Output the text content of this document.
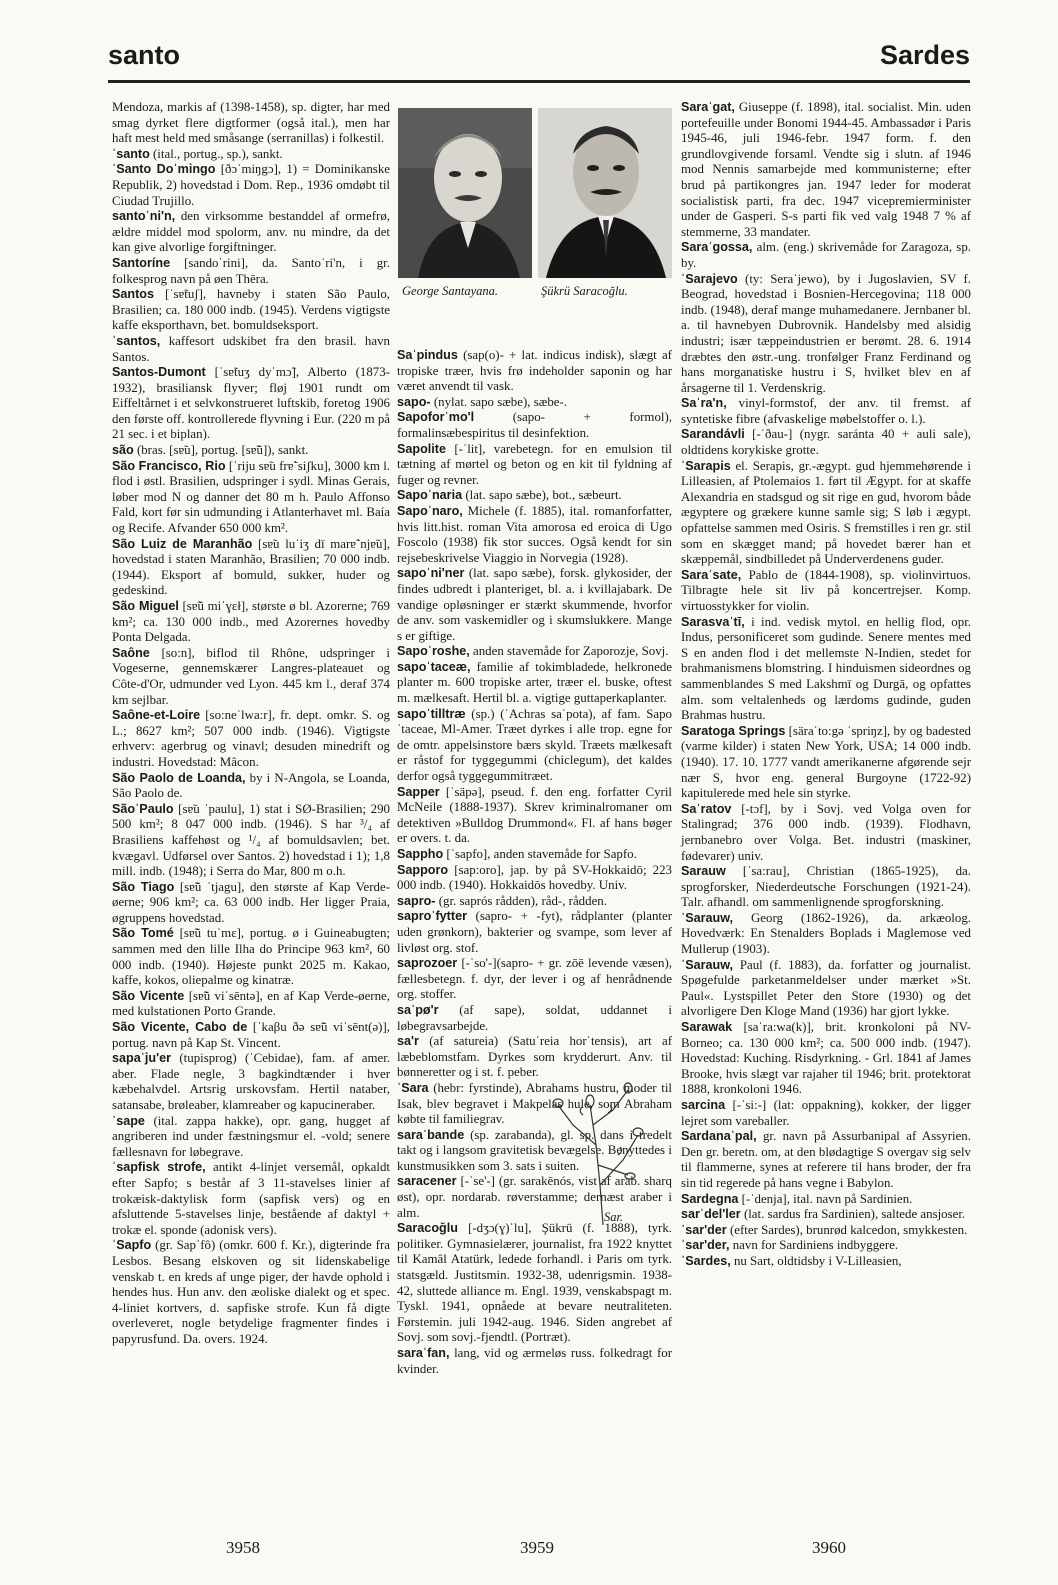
santo	Sardes
George Santayana.	Şükrü Saracoğlu.

Mendoza, markis af (1398-1458), sp. digter, har med smag dyrket flere digtformer (også ital.), men har haft mest held med småsange (serranillas) i folkestil.

ˈsanto (ital., portug., sp.), sankt.

ˈSanto Doˈmingo [ðɔˈmiŋgɔ], 1) = Dominikanske Republik, 2) hovedstad i Dom. Rep., 1936 omdøbt til Ciudad Trujillo.

santoˈni'n, den virksomme bestanddel af ormefrø, ældre middel mod spolorm, anv. nu mindre, da det kan give alvorlige forgiftninger.

Santoríne [sandoˈrini], da. Santoˈri'n, i gr. folkesprog navn på øen Thēra.

Santos [ˈsɐ̃tuʃ], havneby i staten São Paulo, Brasilien; ca. 180 000 indb. (1945). Verdens vigtigste kaffe eksporthavn, bet. bomuldseksport.

ˈsantos, kaffesort udskibet fra den brasil. havn Santos.

Santos-Dumont [ˈsɐ̃tuʒ dyˈmɔ̃], Alberto (1873-1932), brasiliansk flyver; fløj 1901 rundt om Eiffeltårnet i et selvkonstrueret luftskib, foretog 1906 den første off. kontrollerede flyvning i Eur. (220 m på 21 sec. i et biplan).

são (bras. [sɐ̃u], portug. [sɐ̃ũ]), sankt.

São Francisco, Rio [ˈriju sɐ̃u frɐ̃ˈsiʃku], 3000 km l. flod i østl. Brasilien, udspringer i sydl. Minas Gerais, løber mod N og danner det 80 m h. Paulo Affonso Fald, kort før sin udmunding i Atlanterhavet ml. Baía og Recife. Afvander 650 000 km².

São Luiz de Maranhão [sɐ̃u luˈiʒ dī marɐ̃ˈnjɐ̃u], hovedstad i staten Maranhão, Brasilien; 70 000 indb. (1944). Eksport af bomuld, sukker, huder og gedeskind.

São Miguel [sɐ̃ũ miˈɣɛł], største ø bl. Azorerne; 769 km²; ca. 130 000 indb., med Azorernes hovedby Ponta Delgada.

Saône [so:n], biflod til Rhône, udspringer i Vogeserne, gennemskærer Langres-plateauet og Côte-d'Or, udmunder ved Lyon. 445 km l., deraf 374 km sejlbar.

Saône-et-Loire [so:neˈlwa:r], fr. dept. omkr. S. og L.; 8627 km²; 507 000 indb. (1946). Vigtigste erhverv: agerbrug og vinavl; desuden minedrift og industri. Hovedstad: Mâcon.

São Paolo de Loanda, by i N-Angola, se Loanda, São Paolo de.

SãoˈPaulo [sɐ̃u ˈpaulu], 1) stat i SØ-Brasilien; 290 500 km²; 8 047 000 indb. (1946). S har ³/₄ af Brasiliens kaffehøst og ¹/₄ af bomuldsavlen; bet. kvægavl. Udførsel over Santos. 2) hovedstad i 1); 1,8 mill. indb. (1948); i Serra do Mar, 800 m o.h.

São Tiago [sɐ̃ũ ˈtjagu], den største af Kap Verde-øerne; 906 km²; ca. 63 000 indb. Her ligger Praia, øgruppens hovedstad.

São Tomé [sɐ̃ũ tuˈmɛ], portug. ø i Guineabugten; sammen med den lille Ilha do Principe 963 km², 60 000 indb. (1940). Højeste punkt 2025 m. Kakao, kaffe, kokos, oliepalme og kinatræ.

São Vicente [sɐ̃ũ viˈsēntə], en af Kap Verde-øerne, med kulstationen Porto Grande.

São Vicente, Cabo de [ˈkaβu ðə sɐ̃ũ viˈsēnt(ə)], portug. navn på Kap St. Vincent.

sapaˈju'er (tupisprog) (ˈCebidae), fam. af amer. aber. Flade negle, 3 bagkindtænder i hver kæbehalvdel. Artsrig urskovsfam. Hertil nataber, satansabe, brøleaber, klamreaber og kapucineraber.

ˈsape (ital. zappa hakke), opr. gang, hugget af angriberen ind under fæstningsmur el. -vold; senere fællesnavn for løbegrave.

ˈsapfisk strofe, antikt 4-linjet versemål, opkaldt efter Sapfo; s består af 3 11-stavelses linier af trokæisk-daktylisk form (sapfisk vers) og en afsluttende 5-stavelses linje, bestående af daktyl + trokæ el. sponde (adonisk vers).

ˈSapfo (gr. Sapˈfô) (omkr. 600 f. Kr.), digterinde fra Lesbos. Besang elskoven og sit lidenskabelige venskab t. en kreds af unge piger, der havde ophold i hendes hus. Hun anv. den æoliske dialekt og et spec. 4-liniet kortvers, d. sapfiske strofe. Kun få digte overleveret, nogle betydelige fragmenter findes i papyrusfund. Da. overs. 1924.

Saˈpindus (sap(o)- + lat. indicus indisk), slægt af tropiske træer, hvis frø indeholder saponin og har været anvendt til vask.

sapo- (nylat. sapo sæbe), sæbe-.

Sapoforˈmo'l	(sapo- + formol), formalinsæbespiritus til desinfektion.

Sapolite [-ˈlit], varebetegn. for en emulsion til tætning af mørtel og beton og en kit til fyldning af fuger og revner.

Sapoˈnaria (lat. sapo sæbe), bot., sæbeurt.

Sapoˈnaro, Michele (f. 1885), ital. romanforfatter, hvis litt.hist. roman Vita amorosa ed eroica di Ugo Foscolo (1938) fik stor succes. Også kendt for sin rejsebeskrivelse Viaggio in Norvegia (1928).

sapoˈni'ner (lat. sapo sæbe), forsk. glykosider, der findes udbredt i planteriget, bl. a. i kvillajabark. De vandige opløsninger er stærkt skummende, hvorfor de anv. som vaskemidler og i skumslukkere. Mange s er giftige.

Sapoˈroshe, anden stavemåde for Zaporozje, Sovj.

sapoˈtaceæ, familie af tokimbladede, helkronede planter m. 600 tropiske arter, træer el. buske, oftest m. mælkesaft. Hertil bl. a. vigtige guttaperkaplanter.

sapoˈtilltræ (sp.) (ˈAchras saˈpota), af fam. Sapoˈtaceae, Ml-Amer. Træet dyrkes i alle trop. egne for de omtr. appelsinstore bærs skyld. Træets mælkesaft er råstof for tyggegummi (chiclegum), det kaldes derfor også tyggegummitræet.

Sapper [ˈsäpə], pseud. f. den eng. forfatter Cyril McNeile (1888-1937). Skrev kriminalromaner om detektiven »Bulldog Drummond«. Fl. af hans bøger er overs. t. da.

Sappho [ˈsapfo], anden stavemåde for Sapfo.

Sapporo [sap:oro], jap. by på SV-Hokkaidō; 223 000 indb. (1940). Hokkaidōs hovedby. Univ.

sapro- (gr. saprós rådden), råd-, rådden.

saproˈfytter (sapro- + -fyt), rådplanter (planter uden grønkorn), bakterier og svampe, som lever af livløst org. stof.

saprozoer [-ˈso'-](sapro- + gr. zōē levende væsen), fællesbetegn. f. dyr, der lever i og af henrådnende org. stoffer.

saˈpø'r (af sape), soldat, uddannet i løbegravsarbejde.

sa'r (af satureia) (Satuˈreia horˈtensis), art af læbeblomstfam. Dyrkes som krydderurt. Anv. til bønneretter og i st. f. peber.

ˈSara (hebr: fyrstinde), Abrahams hustru, moder til Isak, blev begravet i Makpelas hule, som Abraham købte til familiegrav.

saraˈbande (sp. zarabanda), gl. sp. dans i tredelt takt og i langsom gravitetisk bevægelse. Benyttedes i kunstmusikken som 3. sats i suiten.

saracener [-ˈse'-] (gr. sarakēnós, vist af arab. sharq øst), opr. nordarab. røverstamme; dernæst araber i alm.

Saracoğlu [-dʒɔ(ɣ)ˈlu], Şükrü (f. 1888), tyrk. politiker. Gymnasielærer, journalist, fra 1922 knyttet til Kamâl Atatürk, ledede forhandl. i Paris om tyrk. statsgæld. Justitsmin. 1932-38, udenrigsmin. 1938-42, sluttede alliance m. Engl. 1939, venskabspagt m. Tyskl. 1941, opnåede at bevare neutraliteten. Førstemin. juli 1942-aug. 1946. Siden angrebet af Sovj. som sovj.-fjendtl. (Portræt).

saraˈfan, lang, vid og ærmeløs russ. folkedragt for kvinder.

Saraˈgat, Giuseppe (f. 1898), ital. socialist. Min. uden portefeuille under Bonomi 1944-45. Ambassadør i Paris 1945-46, juli 1946-febr. 1947 form. f. den grundlovgivende forsaml. Vendte sig i slutn. af 1946 mod Nennis samarbejde med kommunisterne; efter brud på partikongres jan. 1947 leder for moderat socialistisk parti, fra dec. 1947 vicepremierminister under de Gasperi. S-s parti fik ved valg 1948 7 % af stemmerne, 33 mandater.

Saraˈgossa, alm. (eng.) skrivemåde for Zaragoza, sp. by.

ˈSarajevo (ty: Seraˈjewo), by i Jugoslavien, SV f. Beograd, hovedstad i Bosnien-Hercegovina; 118 000 indb. (1948), deraf mange muhamedanere. Jernbaner bl. a. til havnebyen Dubrovnik. Handelsby med alsidig industri; især tæppeindustrien er berømt. 28. 6. 1914 dræbtes den østr.-ung. tronfølger Franz Ferdinand og hans morganatiske hustru i S, hvilket blev en af årsagerne til 1. Verdenskrig.

Saˈra'n, vinyl-formstof, der anv. til fremst. af syntetiske fibre (afvaskelige møbelstoffer o. l.).

Sarandávli [-ˈðau-] (nygr. saránta 40 + auli sale), oldtidens korykiske grotte.

ˈSarapis el. Serapis, gr.-ægypt. gud hjemmehørende i Lilleasien, af Ptolemaios 1. ført til Ægypt. for at skaffe Alexandria en stadsgud og sit rige en gud, hvorom både ægyptere og grækere kunne samle sig; S løb i ægypt. opfattelse sammen med Osiris. S fremstilles i ren gr. stil som en skægget mand; på hovedet bærer han et skæppemål, sindbilledet på Underverdenens guder.

Saraˈsate, Pablo de (1844-1908), sp. violinvirtuos. Tilbragte hele sit liv på koncertrejser. Komp. virtuosstykker for violin.

Sarasvaˈtī, i ind. vedisk mytol. en hellig flod, opr. Indus, personificeret som gudinde. Senere mentes med S en anden flod i det mellemste N-Indien, stedet for brahmanismens blomstring. I hinduismen sideordnes og sammenblandes S med Lakshmī og Durgā, og opfattes alm. som veltalenheds og lærdoms gudinde, guden Brahmas hustru.

Saratoga Springs [säraˈto:gə ˈspriŋz], by og badested (varme kilder) i staten New York, USA; 14 000 indb. (1940). 17. 10. 1777 vandt amerikanerne afgørende sejr nær S, hvor eng. general Burgoyne (1722-92) kapitulerede med hele sin styrke.

Saˈratov [-tɔf], by i Sovj. ved Volga oven for Stalingrad; 376 000 indb. (1939). Flodhavn, jernbanebro over Volga. Bet. industri (maskiner, fødevarer) univ.

Sarauw [ˈsa:rau], Christian (1865-1925), da. sprogforsker, Niederdeutsche Forschungen (1921-24). Talr. afhandl. om sammenlignende sprogforskning.

ˈSarauw, Georg (1862-1926), da. arkæolog. Hovedværk: En Stenalders Boplads i Maglemose ved Mullerup (1903).

ˈSarauw, Paul (f. 1883), da. forfatter og journalist. Spøgefulde parketanmeldelser under mærket »St. Paul«. Lystspillet Peter den Store (1930) og det alvorligere Den Kloge Mand (1936) har gjort lykke.

Sarawak [saˈra:wa(k)], brit. kronkoloni på NV-Borneo; ca. 130 000 km²; ca. 500 000 indb. (1947). Hovedstad: Kuching. Risdyrkning. - Grl. 1841 af James Brooke, hvis slægt var rajaher til 1946; brit. protektorat 1888, kronkoloni 1946.

sarcina [-ˈsi:-] (lat: oppakning), kokker, der ligger lejret som vareballer.

Sardanaˈpal, gr. navn på Assurbanipal af Assyrien. Den gr. beretn. om, at den blødagtige S overgav sig selv til flammerne, synes at referere til hans broder, der fra sin tid regerede på hans vegne i Babylon.

Sardegna [-ˈdenja], ital. navn på Sardinien.

sarˈdel'ler (lat. sardus fra Sardinien), saltede ansjoser.

ˈsar'der (efter Sardes), brunrød kalcedon, smykkesten.

ˈsar'der, navn for Sardiniens indbyggere.

ˈSardes, nu Sart, oldtidsby i V-Lilleasien,

Sar.
3958	3959	3960
